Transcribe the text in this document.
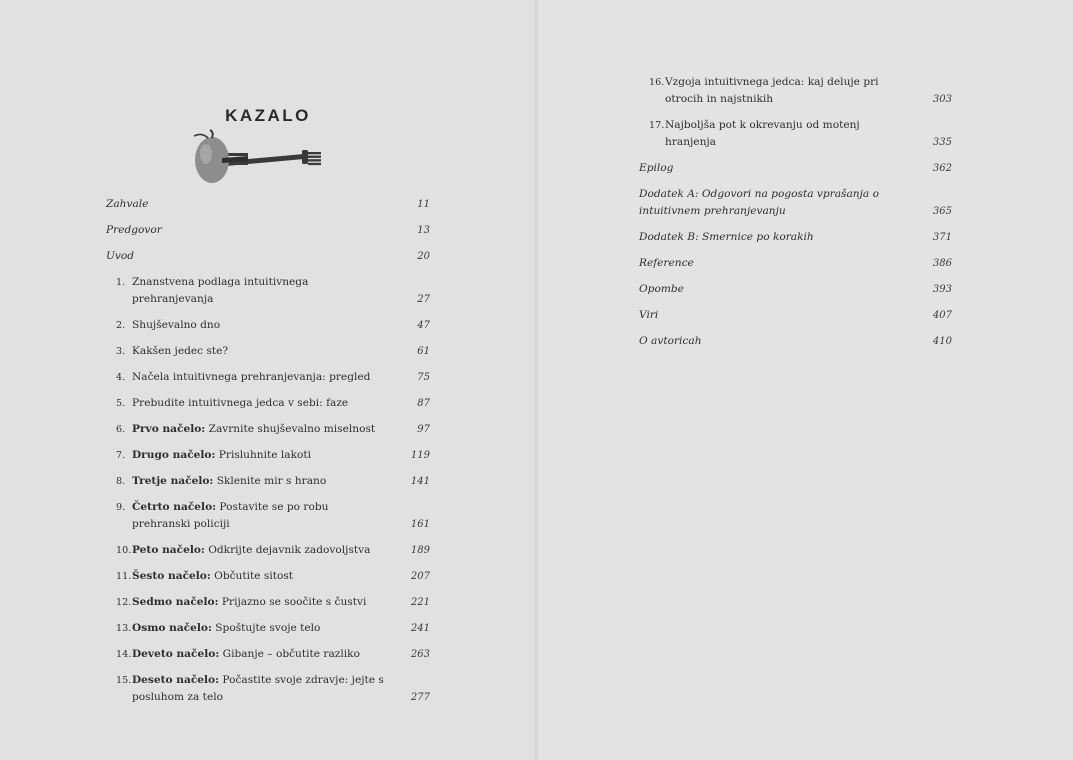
KAZALO
Zahvale	11
Predgovor	13
Uvod	20
1. Znanstvena podlaga intuitivnega prehranjevanja	27
2. Shujševalno dno	47
3. Kakšen jedec ste?	61
4. Načela intuitivnega prehranjevanja: pregled	75
5. Prebudite intuitivnega jedca v sebi: faze	87
6. Prvo načelo: Zavrnite shujševalno miselnost	97
7. Drugo načelo: Prisluhnite lakoti	119
8. Tretje načelo: Sklenite mir s hrano	141
9. Četrto načelo: Postavite se po robu prehranski policiji	161
10.Peto načelo: Odkrijte dejavnik zadovoljstva	189
11.Šesto načelo: Občutite sitost	207
12.Sedmo načelo: Prijazno se soočite s čustvi	221
13.Osmo načelo: Spoštujte svoje telo	241
14.Deveto načelo: Gibanje – občutite razliko	263
15.Deseto načelo: Počastite svoje zdravje: jejte s posluhom za telo	277
16.Vzgoja intuitivnega jedca: kaj deluje pri otrocih in najstnikih	303
17.Najboljša pot k okrevanju od motenj hranjenja	335
Epilog	362
Dodatek A: Odgovori na pogosta vprašanja o intuitivnem prehranjevanju	365
Dodatek B: Smernice po korakih	371
Reference	386
Opombe	393
Viri	407
O avtoricah	410
